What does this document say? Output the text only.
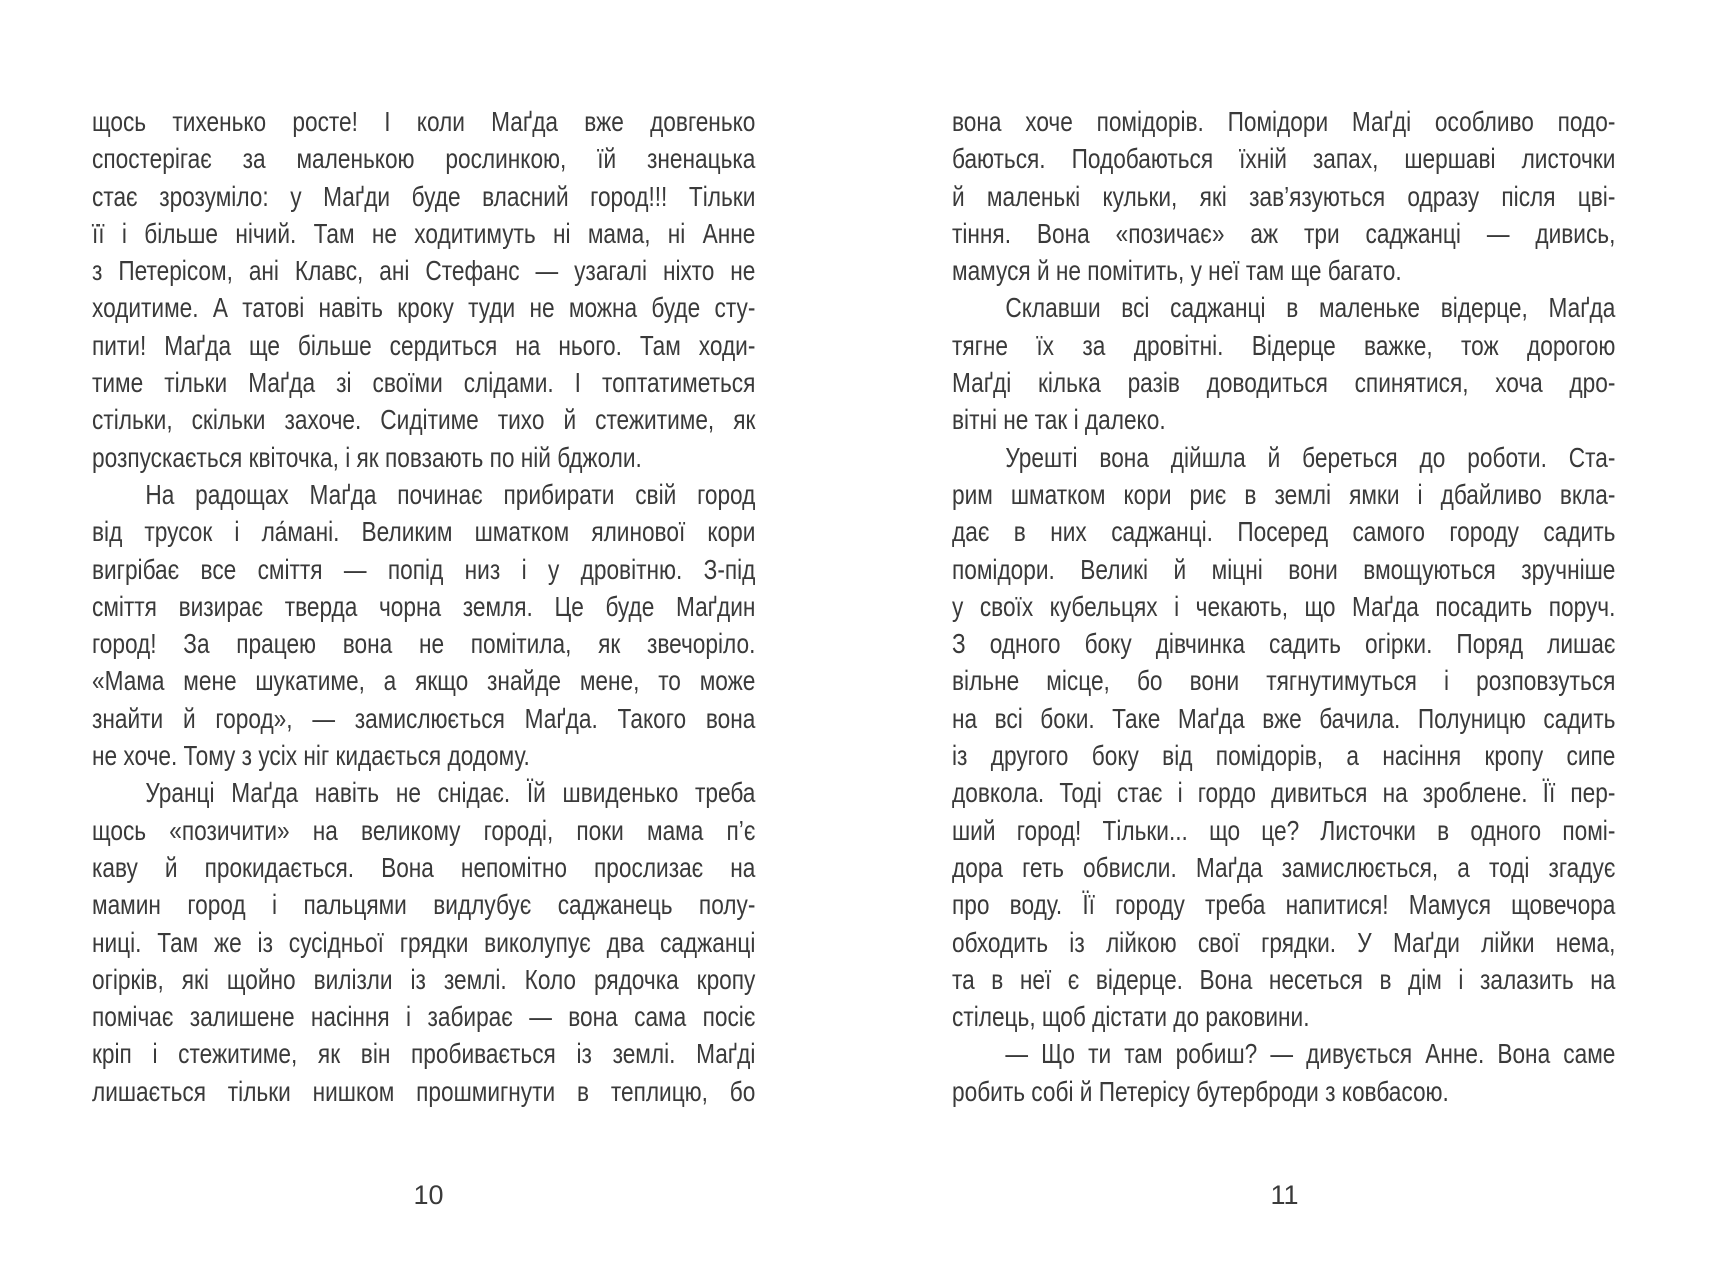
щось тихенько росте! І коли Маґда вже довгенько
спостерігає за маленькою рослинкою, їй зненацька
стає зрозуміло: у Маґди буде власний город!!! Тільки
її і більше нічий. Там не ходитимуть ні мама, ні Анне
з Петерісом, ані Клавс, ані Стефанс — узагалі ніхто не
ходитиме. А татові навіть кроку туди не можна буде сту-
пити! Маґда ще більше сердиться на нього. Там ходи-
тиме тільки Маґда зі своїми слідами. І топтатиметься
стільки, скільки захоче. Сидітиме тихо й стежитиме, як
розпускається квіточка, і як повзають по ній бджоли.
На радощах Маґда починає прибирати свій город
від трусок і ла́мані. Великим шматком ялинової кори
вигрібає все сміття — попід низ і у дровітню. З-під
сміття визирає тверда чорна земля. Це буде Маґдин
город! За працею вона не помітила, як звечоріло.
«Мама мене шукатиме, а якщо знайде мене, то може
знайти й город», — замислюється Маґда. Такого вона
не хоче. Тому з усіх ніг кидається додому.
Уранці Маґда навіть не снідає. Їй швиденько треба
щось «позичити» на великому городі, поки мама п’є
каву й прокидається. Вона непомітно прослизає на
мамин город і пальцями видлубує саджанець полу-
ниці. Там же із сусідньої грядки виколупує два саджанці
огірків, які щойно вилізли із землі. Коло рядочка кропу
помічає залишене насіння і забирає — вона сама посіє
кріп і стежитиме, як він пробивається із землі. Маґді
лишається тільки нишком прошмигнути в теплицю, бо
10
вона хоче помідорів. Помідори Маґді особливо подо-
баються. Подобаються їхній запах, шершаві листочки
й маленькі кульки, які зав’язуються одразу після цві-
тіння. Вона «позичає» аж три саджанці — дивись,
мамуся й не помітить, у неї там ще багато.
Склавши всі саджанці в маленьке відерце, Маґда
тягне їх за дровітні. Відерце важке, тож дорогою
Маґді кілька разів доводиться спинятися, хоча дро-
вітні не так і далеко.
Урешті вона дійшла й береться до роботи. Ста-
рим шматком кори риє в землі ямки і дбайливо вкла-
дає в них саджанці. Посеред самого городу садить
помідори. Великі й міцні вони вмощуються зручніше
у своїх кубельцях і чекають, що Маґда посадить поруч.
З одного боку дівчинка садить огірки. Поряд лишає
вільне місце, бо вони тягнутимуться і розповзуться
на всі боки. Таке Маґда вже бачила. Полуницю садить
із другого боку від помідорів, а насіння кропу сипе
довкола. Тоді стає і гордо дивиться на зроблене. Її пер-
ший город! Тільки... що це? Листочки в одного помі-
дора геть обвисли. Маґда замислюється, а тоді згадує
про воду. Її городу треба напитися! Мамуся щовечора
обходить із лійкою свої грядки. У Маґди лійки нема,
та в неї є відерце. Вона несеться в дім і залазить на
стілець, щоб дістати до раковини.
— Що ти там робиш? — дивується Анне. Вона саме
робить собі й Петерісу бутерброди з ковбасою.
11
